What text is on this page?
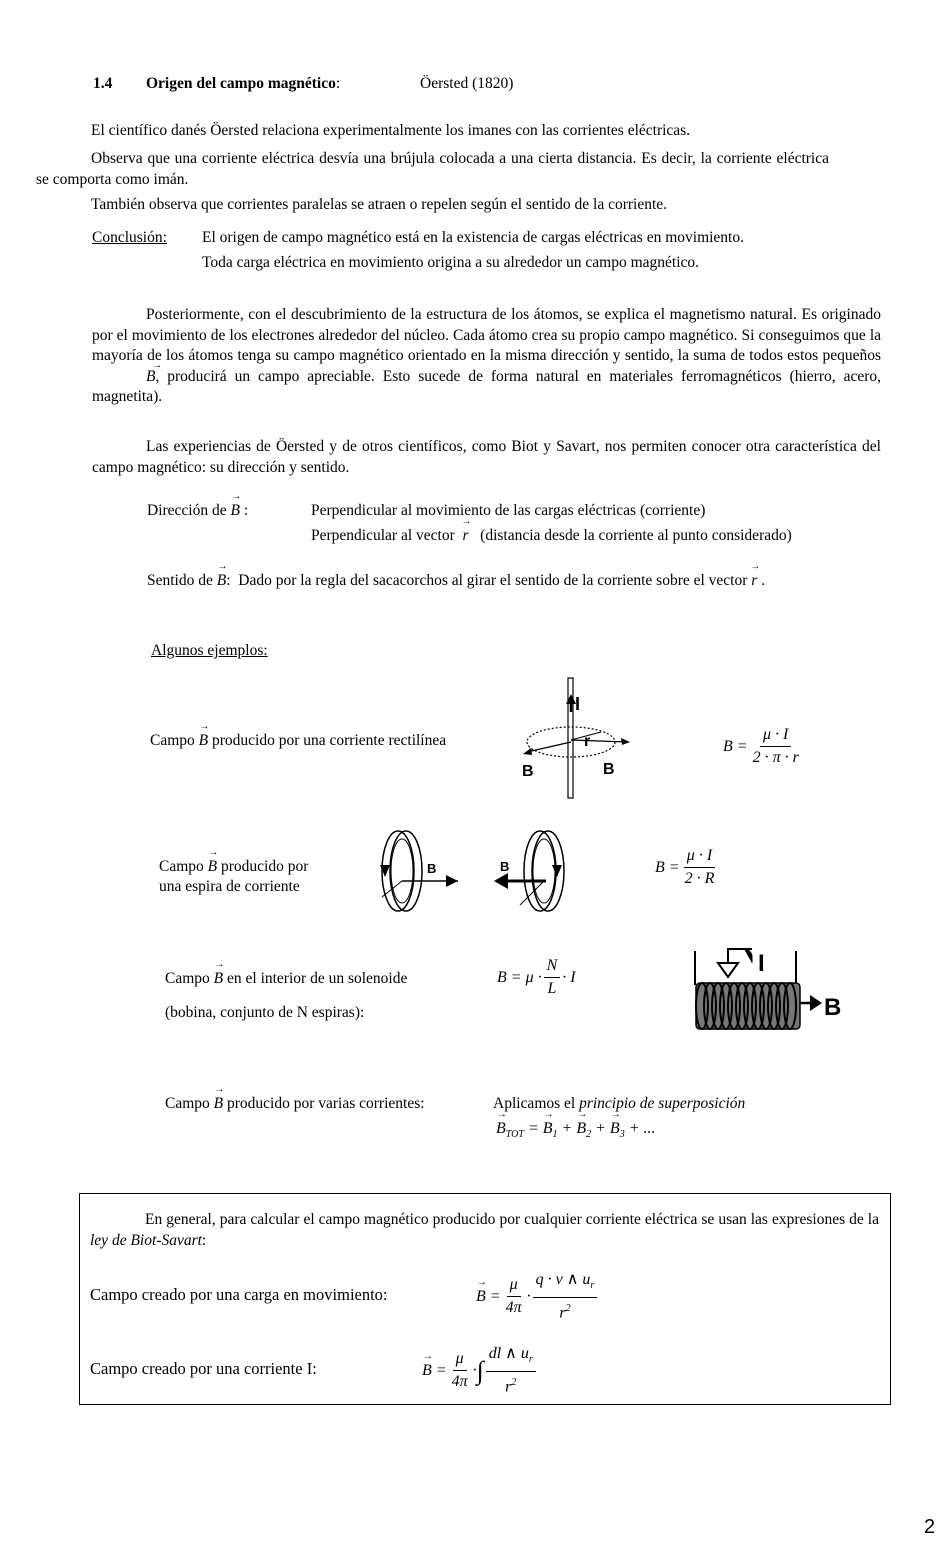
1.4 Origen del campo magnético:	Öersted (1820)
El científico danés Öersted relaciona experimentalmente los imanes con las corrientes eléctricas.
Observa que una corriente eléctrica desvía una brújula colocada a una cierta distancia. Es decir, la corriente eléctrica se comporta como imán.
También observa que corrientes paralelas se atraen o repelen según el sentido de la corriente.
Conclusión: El origen de campo magnético está en la existencia de cargas eléctricas en movimiento.
Toda carga eléctrica en movimiento origina a su alrededor un campo magnético.
Posteriormente, con el descubrimiento de la estructura de los átomos, se explica el magnetismo natural. Es originado por el movimiento de los electrones alrededor del núcleo. Cada átomo crea su propio campo magnético. Si conseguimos que la mayoría de los átomos tenga su campo magnético orientado en la misma dirección y sentido, la suma de todos estos pequeños → B, producirá un campo apreciable. Esto sucede de forma natural en materiales ferromagnéticos (hierro, acero, magnetita).
Las experiencias de Öersted y de otros científicos, como Biot y Savart, nos permiten conocer otra característica del campo magnético: su dirección y sentido.
Dirección de → B :	Perpendicular al movimiento de las cargas eléctricas (corriente)
Perpendicular al vector → r (distancia desde la corriente al punto considerado)
Sentido de → B: Dado por la regla del sacacorchos al girar el sentido de la corriente sobre el vector → r .
Algunos ejemplos:
Campo → B producido por una corriente rectilínea
I
r
B	B
$B = \frac{\mu \cdot I}{2 \cdot \pi \cdot r}$
Campo → B producido por
una espira de corriente
B	B	$B = \frac{\mu \cdot I}{2 \cdot R}$
Campo → B en el interior de un solenoide
(bobina, conjunto de N espiras):
$B = \mu \cdot \frac{N}{L} \cdot I$	I
B
Campo → B producido por varias corrientes:	Aplicamos el principio de superposición
→ $B_{TOT}$ = → $B_1$ + → $B_2$ + → $B_3$ + ...
En general, para calcular el campo magnético producido por cualquier corriente eléctrica se usan las expresiones de la ley de Biot-Savart:
Campo creado por una carga en movimiento:	→ B
= $\frac{\mu}{4\pi} \cdot \frac{q \cdot v \wedge u_r}{r^2}$
Campo creado por una corriente I:	→ B
= $\frac{\mu}{4\pi}$ · ∫ $\frac{dl \wedge u_r}{r^2}$
2
